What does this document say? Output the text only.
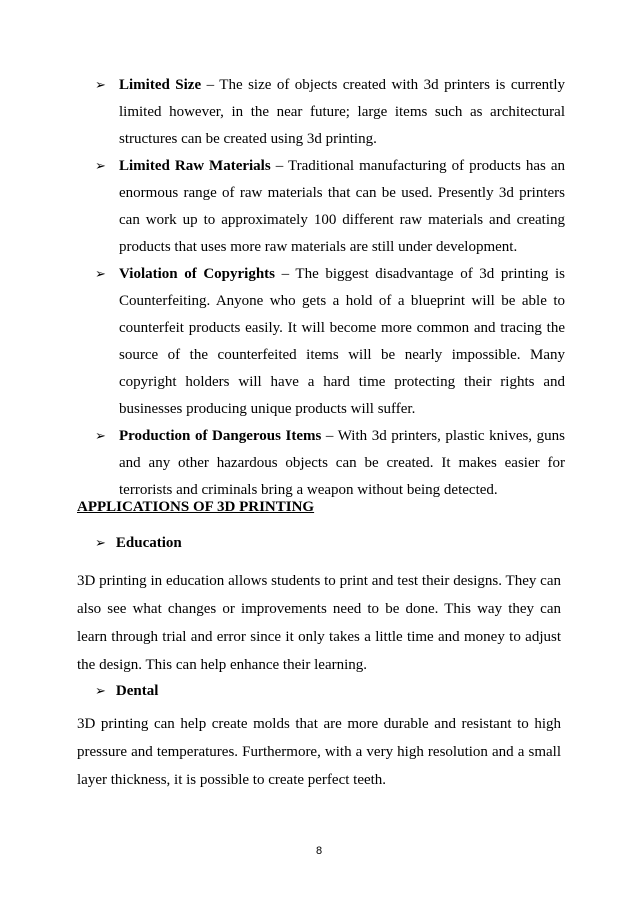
➢ Limited Size – The size of objects created with 3d printers is currently limited however, in the near future; large items such as architectural structures can be created using 3d printing.
➢ Limited Raw Materials – Traditional manufacturing of products has an enormous range of raw materials that can be used. Presently 3d printers can work up to approximately 100 different raw materials and creating products that uses more raw materials are still under development.
➢ Violation of Copyrights – The biggest disadvantage of 3d printing is Counterfeiting. Anyone who gets a hold of a blueprint will be able to counterfeit products easily. It will become more common and tracing the source of the counterfeited items will be nearly impossible. Many copyright holders will have a hard time protecting their rights and businesses producing unique products will suffer.
➢ Production of Dangerous Items – With 3d printers, plastic knives, guns and any other hazardous objects can be created. It makes easier for terrorists and criminals bring a weapon without being detected.
APPLICATIONS OF 3D PRINTING
➢ Education
3D printing in education allows students to print and test their designs. They can also see what changes or improvements need to be done. This way they can learn through trial and error since it only takes a little time and money to adjust the design. This can help enhance their learning.
➢ Dental
3D printing can help create molds that are more durable and resistant to high pressure and temperatures. Furthermore, with a very high resolution and a small layer thickness, it is possible to create perfect teeth.
8
